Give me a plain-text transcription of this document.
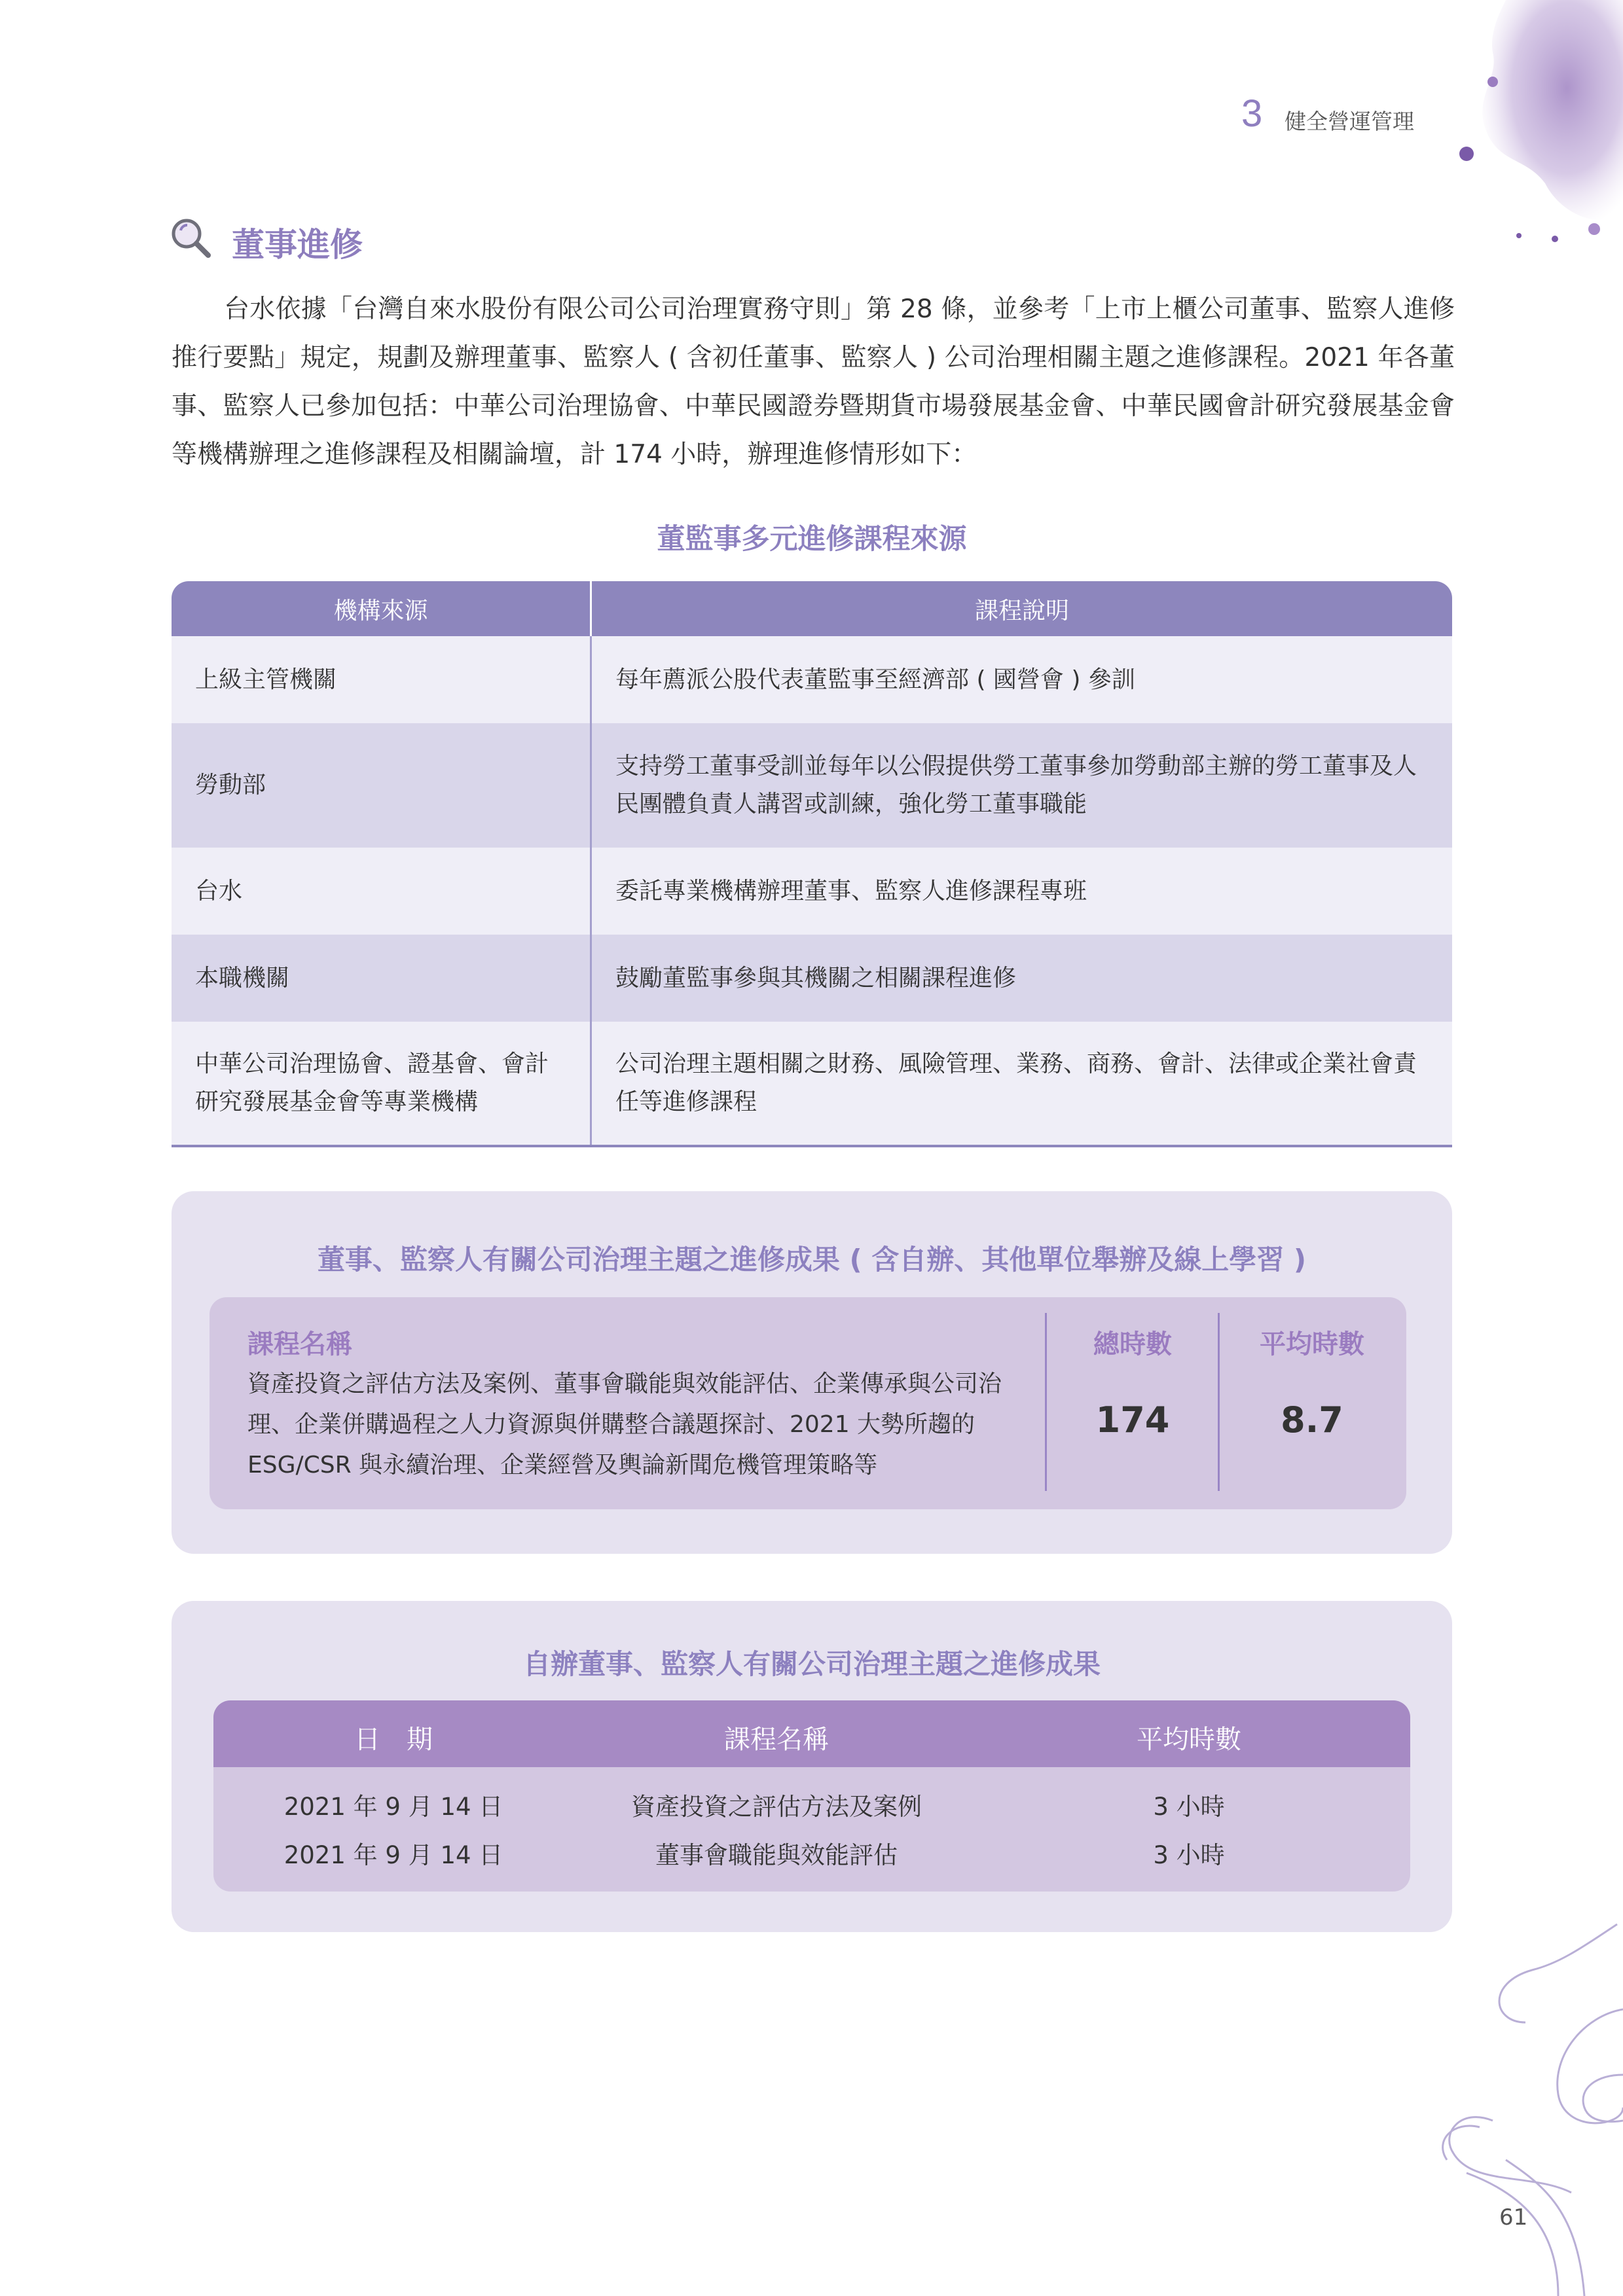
3 健全營運管理
董事進修

台水依據「台灣自來水股份有限公司公司治理實務守則」第 28 條，並參考「上市上櫃公司董事、監察人進修推行要點」規定，規劃及辦理董事、監察人 ( 含初任董事、監察人 ) 公司治理相關主題之進修課程。2021 年各董事、監察人已參加包括：中華公司治理協會、中華民國證券暨期貨市場發展基金會、中華民國會計研究發展基金會等機構辦理之進修課程及相關論壇，計 174 小時，辦理進修情形如下：

董監事多元進修課程來源
機構來源	課程說明
上級主管機關	每年薦派公股代表董監事至經濟部 ( 國營會 ) 參訓
勞動部	支持勞工董事受訓並每年以公假提供勞工董事參加勞動部主辦的勞工董事及人民團體負責人講習或訓練，強化勞工董事職能
台水	委託專業機構辦理董事、監察人進修課程專班
本職機關	鼓勵董監事參與其機關之相關課程進修
中華公司治理協會、證基會、會計研究發展基金會等專業機構	公司治理主題相關之財務、風險管理、業務、商務、會計、法律或企業社會責任等進修課程
董事、監察人有關公司治理主題之進修成果 ( 含自辦、其他單位舉辦及線上學習 )
課程名稱
資產投資之評估方法及案例、董事會職能與效能評估、企業傳承與公司治理、企業併購過程之人力資源與併購整合議題探討、2021 大勢所趨的 ESG/CSR 與永續治理、企業經營及輿論新聞危機管理策略等
總時數	平均時數
174	8.7
自辦董事、監察人有關公司治理主題之進修成果
日　期	課程名稱	平均時數
2021 年 9 月 14 日	資產投資之評估方法及案例	3 小時
2021 年 9 月 14 日	董事會職能與效能評估	3 小時
61
